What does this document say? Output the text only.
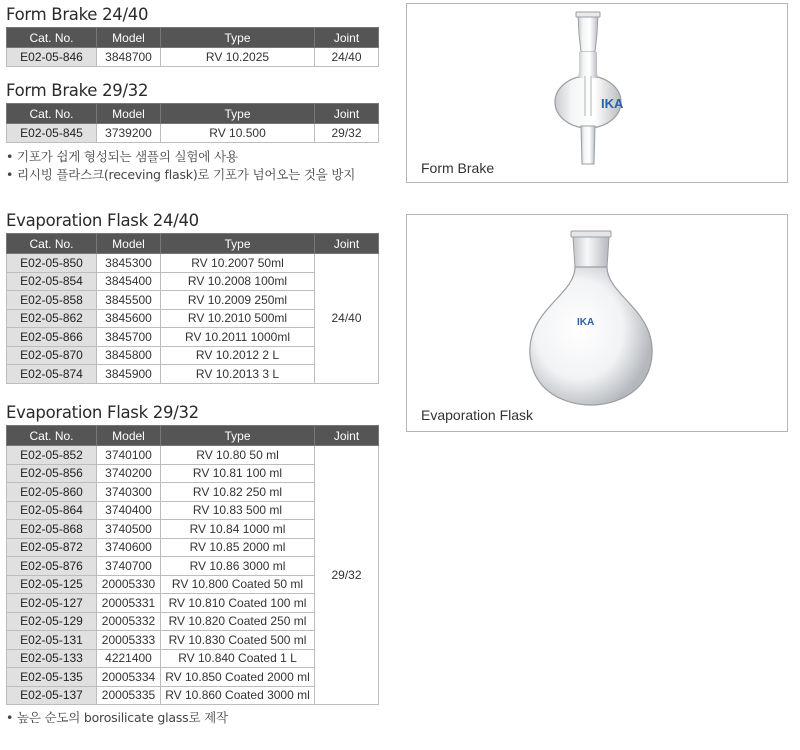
Form Brake 24/40
Cat. No.	Model	Type	Joint
E02-05-846	3848700	RV 10.2025	24/40
Form Brake 29/32
Cat. No.	Model	Type	Joint
E02-05-845	3739200	RV 10.500	29/32
• 기포가 쉽게 형성되는 샘플의 실험에 사용
• 리시빙 플라스크(receving flask)로 기포가 넘어오는 것을 방지
Evaporation Flask 24/40
Cat. No.	Model	Type	Joint
E02-05-850	3845300	RV 10.2007 50ml	24/40
E02-05-854	3845400	RV 10.2008 100ml	
E02-05-858	3845500	RV 10.2009 250ml	
E02-05-862	3845600	RV 10.2010 500ml	
E02-05-866	3845700	RV 10.2011 1000ml	
E02-05-870	3845800	RV 10.2012 2 L	
E02-05-874	3845900	RV 10.2013 3 L	
Evaporation Flask 29/32
Cat. No.	Model	Type	Joint
E02-05-852	3740100	RV 10.80 50 ml	29/32
E02-05-856	3740200	RV 10.81 100 ml	
E02-05-860	3740300	RV 10.82 250 ml	
E02-05-864	3740400	RV 10.83 500 ml	
E02-05-868	3740500	RV 10.84 1000 ml	
E02-05-872	3740600	RV 10.85 2000 ml	
E02-05-876	3740700	RV 10.86 3000 ml	
E02-05-125	20005330	RV 10.800 Coated 50 ml	
E02-05-127	20005331	RV 10.810 Coated 100 ml	
E02-05-129	20005332	RV 10.820 Coated 250 ml	
E02-05-131	20005333	RV 10.830 Coated 500 ml	
E02-05-133	4221400	RV 10.840 Coated 1 L	
E02-05-135	20005334	RV 10.850 Coated 2000 ml	
E02-05-137	20005335	RV 10.860 Coated 3000 ml	
• 높은 순도의 borosilicate glass로 제작
IKA
Form Brake
IKA
Evaporation Flask
